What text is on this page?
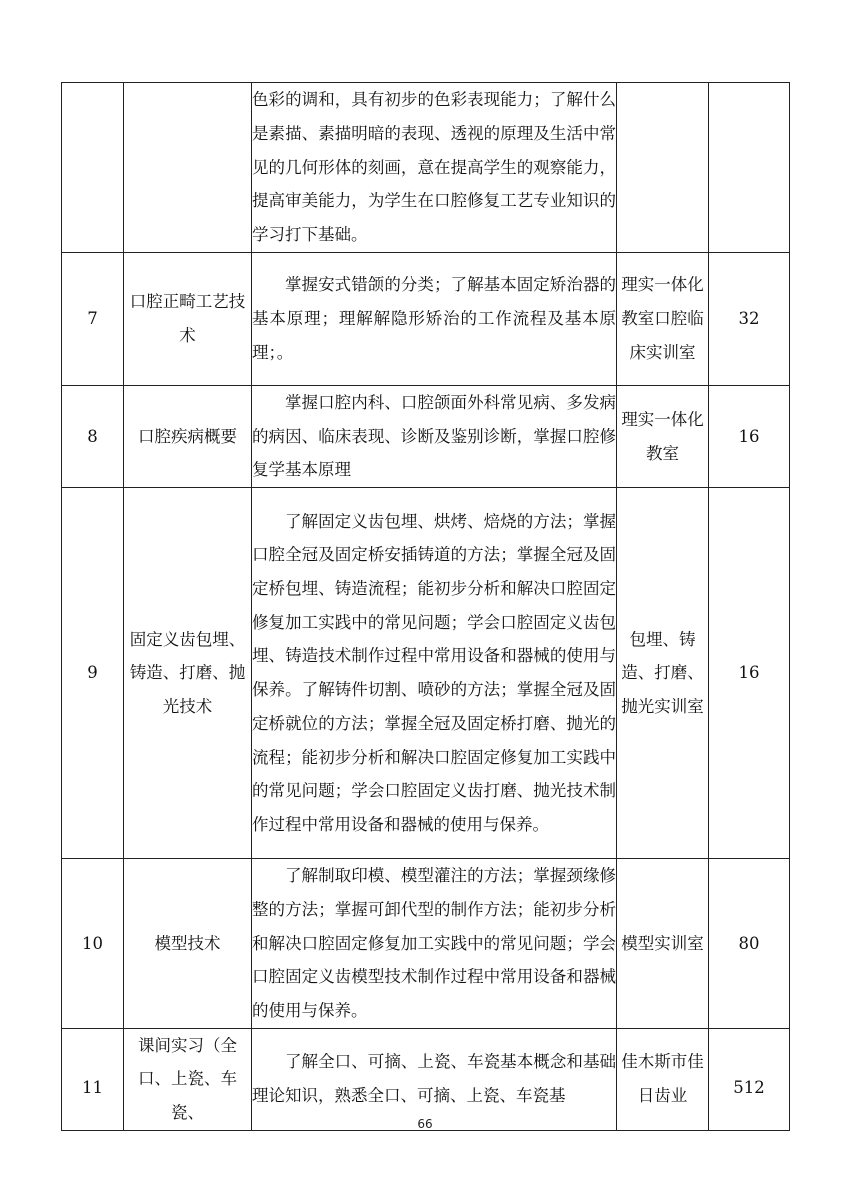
		色彩的调和，具有初步的色彩表现能力；了解什么是素描、素描明暗的表现、透视的原理及生活中常见的几何形体的刻画，意在提高学生的观察能力，提高审美能力，为学生在口腔修复工艺专业知识的学习打下基础。		
7	口腔正畸工艺技术	掌握安式错颌的分类；了解基本固定矫治器的基本原理；理解解隐形矫治的工作流程及基本原理；。	理实一体化教室口腔临床实训室	32
8	口腔疾病概要	掌握口腔内科、口腔颌面外科常见病、多发病的病因、临床表现、诊断及鉴别诊断，掌握口腔修复学基本原理	理实一体化教室	16
9	固定义齿包埋、铸造、打磨、抛光技术	了解固定义齿包埋、烘烤、焙烧的方法；掌握口腔全冠及固定桥安插铸道的方法；掌握全冠及固定桥包埋、铸造流程；能初步分析和解决口腔固定修复加工实践中的常见问题；学会口腔固定义齿包埋、铸造技术制作过程中常用设备和器械的使用与保养。了解铸件切割、喷砂的方法；掌握全冠及固定桥就位的方法；掌握全冠及固定桥打磨、抛光的流程；能初步分析和解决口腔固定修复加工实践中的常见问题；学会口腔固定义齿打磨、抛光技术制作过程中常用设备和器械的使用与保养。	包埋、铸造、打磨、抛光实训室	16
10	模型技术	了解制取印模、模型灌注的方法；掌握颈缘修整的方法；掌握可卸代型的制作方法；能初步分析和解决口腔固定修复加工实践中的常见问题；学会口腔固定义齿模型技术制作过程中常用设备和器械的使用与保养。	模型实训室	80
11	课间实习（全口、上瓷、车瓷、	了解全口、可摘、上瓷、车瓷基本概念和基础理论知识，熟悉全口、可摘、上瓷、车瓷基	佳木斯市佳日齿业	512
66
